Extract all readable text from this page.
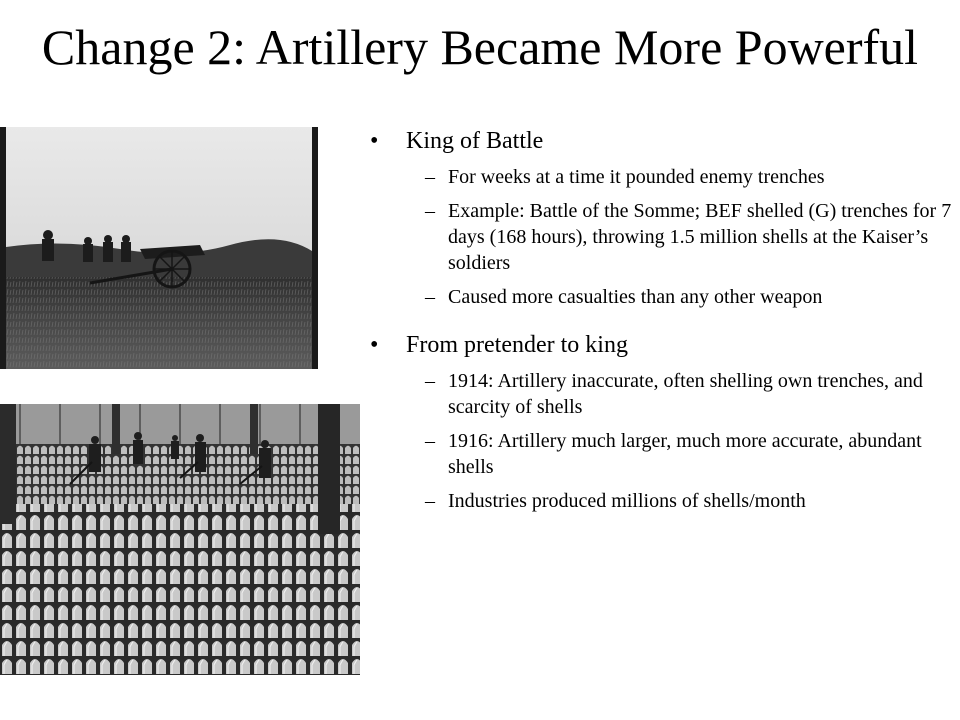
Change 2: Artillery Became More Powerful
• King of Battle
– For weeks at a time it pounded enemy trenches
– Example: Battle of the Somme; BEF shelled (G) trenches for 7 days (168 hours), throwing 1.5 million shells at the Kaiser’s soldiers
– Caused more casualties than any other weapon
• From pretender to king
– 1914: Artillery inaccurate, often shelling own trenches, and scarcity of shells
– 1916: Artillery much larger, much more accurate, abundant shells
– Industries produced millions of shells/month
